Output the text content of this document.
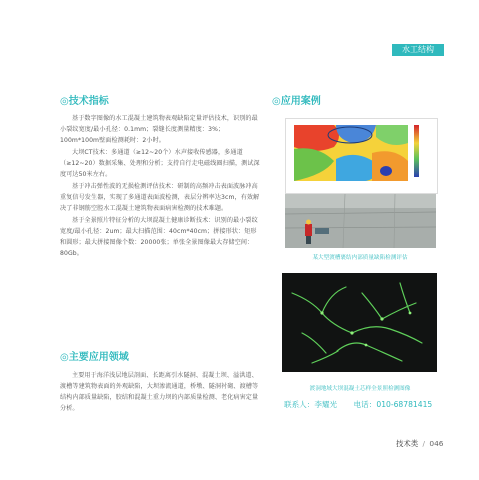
水工结构
◎技术指标

基于数字图像的水工混凝土建筑物表观缺陷定量评估技术，识别的最小裂纹宽度/最小孔径：0.1mm；裂缝长度测量精度：3%；100m*100m壁面检测耗时：2小时。

大坝CT技术：多通道（≥12~20个）水声接收传感器，多通道（≥12~20）数据采集、处理和分析；支持自行走电磁线圈扫描，测试深度可达50米左右。

基于冲击弹性波的无损检测评估技术：研制的高频冲击表面波脉冲高重复信号发生器，实现了多通道表面波检测，表层分辨率达3cm，有效解决了非钢筋空腔水工混凝土建筑物表面病害检测的技术难题。

基于全景照片特征分析的大坝混凝土健康诊断技术：识别的最小裂纹宽度/最小孔径：2um；最大扫描范围：40cm*40cm；拼接形状：矩形和圆形；最大拼接图像个数：20000张；单张全景图像最大存储空间：80Gb。

◎主要应用领域

主要用于海洋浅层地层剖面、长距离引水隧洞、混凝土坝、溢洪道、渡槽等建筑物表面的外观缺陷，大坝渗流通道，桥墩、隧洞衬砌、渡槽等结构内部质量缺陷，胶结和混凝土重力坝的内部质量检测、老化病害定量分析。

◎应用案例
某大型渡槽裹结内部质量缺陷检测评估
渡洞地域大坝混凝土芯样全景照检测图像
联系人：李耀光 电话：010-68781415
技术类 / 046
